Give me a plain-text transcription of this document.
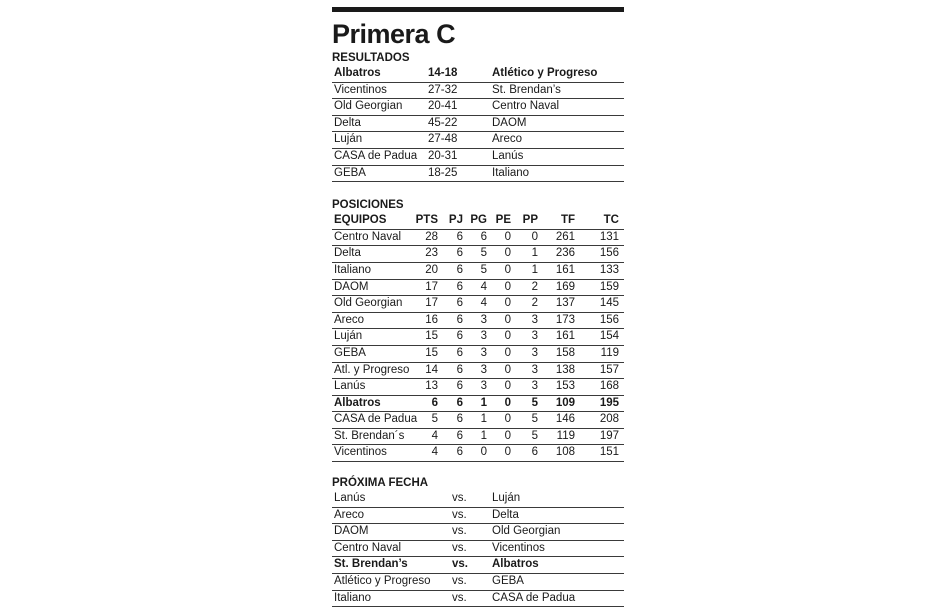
Primera C
RESULTADOS
Albatros	14-18	Atlético y Progreso
Vicentinos	27-32	St. Brendan’s
Old Georgian 20-41	Centro Naval
Delta	45-22	DAOM
Luján	27-48	Areco
CASA de Padua 20-31	Lanús
GEBA	18-25	Italiano
POSICIONES
EQUIPOS	PTS PJ PG PE	PP	TF	TC
Centro Naval	28	6	6	0	0	261	131
Delta	23	6	5	0	1	236	156
Italiano	20	6	5	0	1	161	133
DAOM	17	6	4	0	2	169	159
Old Georgian	17	6	4	0	2	137	145
Areco	16	6	3	0	3	173	156
Luján	15	6	3	0	3	161	154
GEBA	15	6	3	0	3	158	119
Atl. y Progreso	14	6	3	0	3	138	157
Lanús	13	6	3	0	3	153	168
Albatros	6	6	1	0	5	109	195
CASA de Padua	5	6	1	0	5	146	208
St. Brendan´s	4	6	1	0	5	119	197
Vicentinos	4	6	0	0	6	108	151
PRÓXIMA FECHA
Lanús	vs. Luján
Areco	vs. Delta
DAOM	vs. Old Georgian
Centro Naval	vs. Vicentinos
St. Brendan’s	vs. Albatros
Atlético y Progreso vs. GEBA
Italiano	vs. CASA de Padua
